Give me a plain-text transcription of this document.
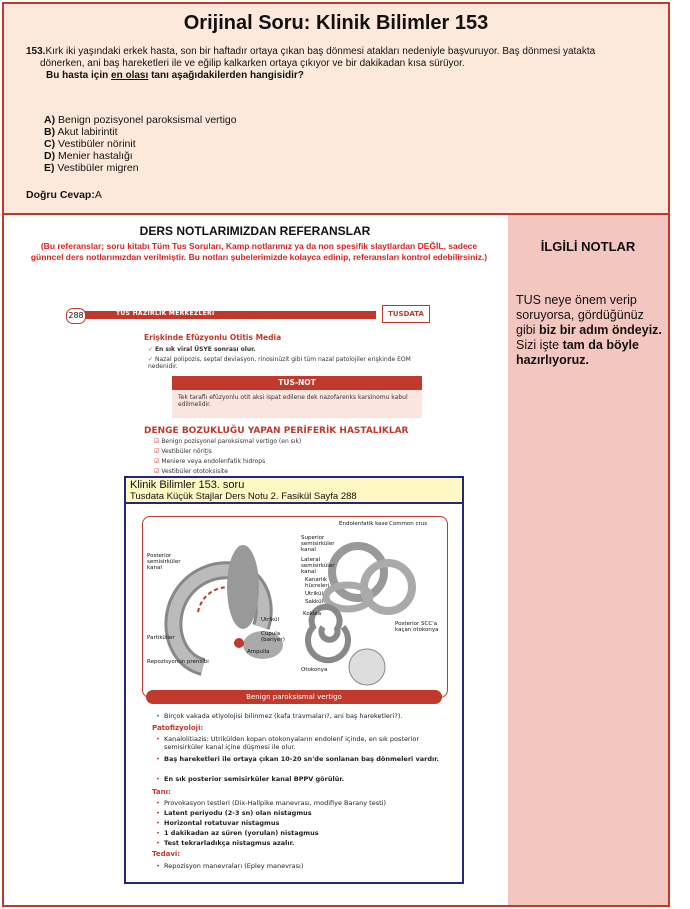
Orijinal Soru: Klinik Bilimler 153
153.Kırk iki yaşındaki erkek hasta, son bir haftadır ortaya çıkan baş dönmesi atakları nedeniyle başvuruyor. Baş dönmesi yatakta
dönerken, ani baş hareketleri ile ve eğilip kalkarken ortaya çıkıyor ve bir dakikadan kısa sürüyor.
Bu hasta için en olası tanı aşağıdakilerden hangisidir?
A) Benign pozisyonel paroksismal vertigo
B) Akut labirintit
C) Vestibüler nörinit
D) Menier hastalığı
E) Vestibüler migren
Doğru Cevap:A
DERS NOTLARIMIZDAN REFERANSLAR
(Bu referanslar; soru kitabı Tüm Tus Soruları, Kamp notlarımız ya da non spesifik slaytlardan DEĞİL, sadece
günncel ders notlarımızdan verilmiştir. Bu notları şubelerimizde kolayca edinip, referansları kontrol edebilirsiniz.)
İLGİLİ NOTLAR
TUS neye önem verip soruyorsa, gördüğünüz gibi biz bir adım öndeyiz. Sizi işte tam da böyle hazırlıyoruz.
TUS HAZIRLIK MERKEZLERİ
288	TUSDATA
Erişkinde Efüzyonlu Otitis Media
✓ En sık viral ÜSYE sonrası olur.
✓ Nazal polipozis, septal deviasyon, rinosinüzit gibi tüm nazal patolojiler erişkinde EOM nedenidir.
TUS-NOT
Tek taraflı efüzyonlu otit aksi ispat edilene dek nazofarenks karsinomu kabul edilmelidir.
DENGE BOZUKLUĞU YAPAN PERİFERİK HASTALIKLAR
☑ Benign pozisyonel paroksismal vertigo (en sık)
☑ Vestibüler nörit̲is
☑ Meniere veya endolenfatik hidrops
☑ Vestibüler ototoksisite
Klinik Bilimler 153. soru
Tusdata Küçük Stajlar Ders Notu 2. Fasikül Sayfa 288
Posterior semisirküler kanal
Utrikül
Cupula (bariyer)
Ampulla
Partiküller
Repozisyonun prensibi
Endolenfatik kese Common crus
Superior semisirküler kanal
Lateral semisirküler kanal
Kanarlık hücreleri
Utrikül
Sakkül
Koklea
Posterior SCC'a kaçan otokonya
Otokonya
Benign paroksismal vertigo
• Birçok vakada etiyolojisi bilinmez (kafa travmaları?, ani baş hareketleri?).
Patofizyoloji:
• Kanalolitiazis: Utrikülden kopan otokonyaların endolenf içinde, en sık posterior semisirküler kanal içine düşmesi ile olur.
• Baş hareketleri ile ortaya çıkan 10-20 sn'de sonlanan baş dönmeleri vardır.
• En sık posterior semisirküler kanal BPPV görülür.
Tanı:
• Provokasyon testleri (Dix-Hallpike manevrası, modifiye Barany testi)
• Latent periyodu (2-3 sn) olan nistagmus
• Horizontal rotatuvar nistagmus
• 1 dakikadan az süren (yorulan) nistagmus
• Test tekrarladıkça nistagmus azalır.
Tedavi:
• Repozisyon manevraları (Epley manevrası)
